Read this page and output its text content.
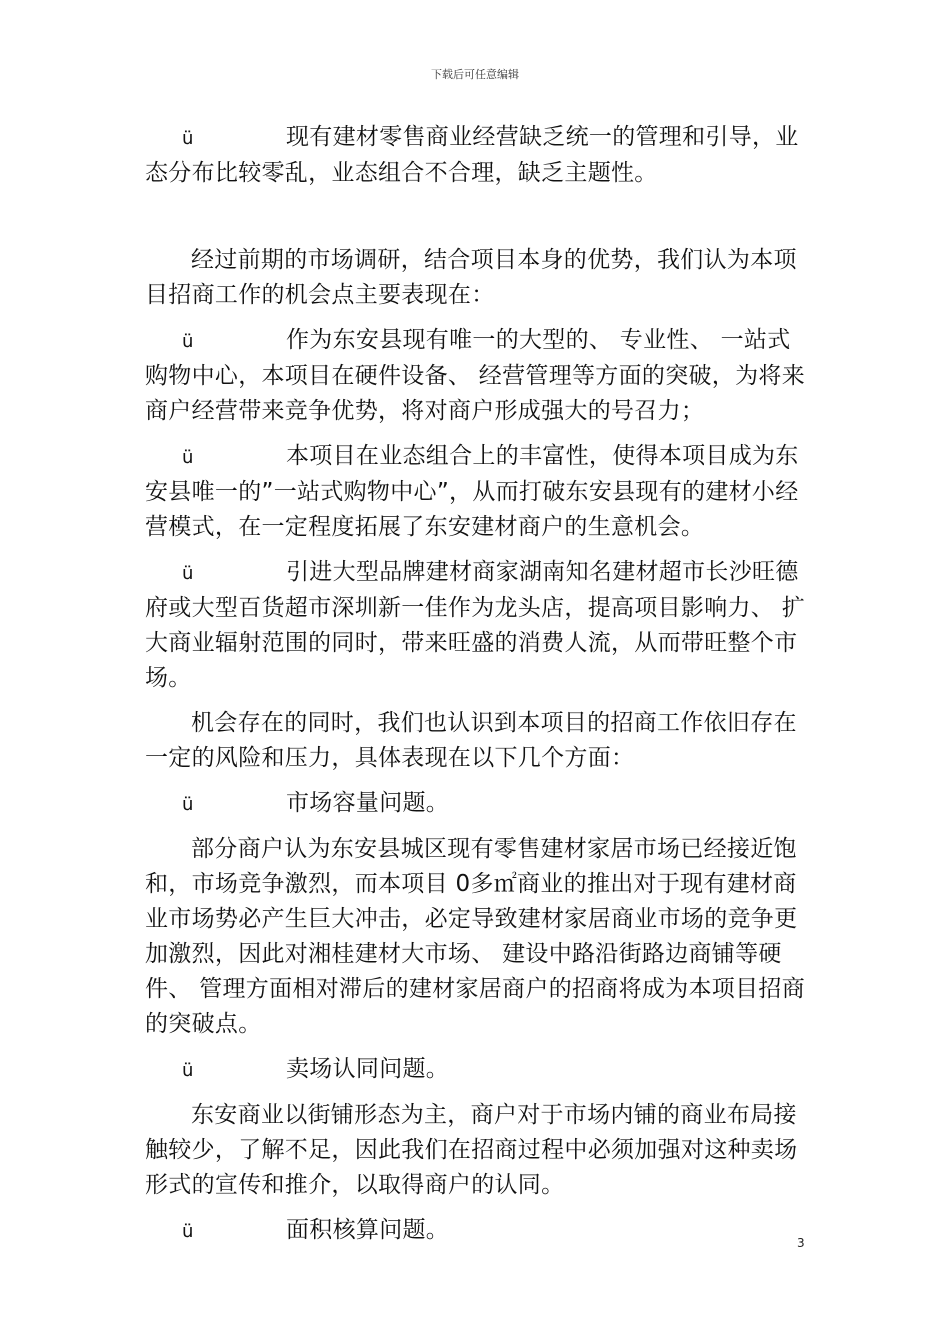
下载后可任意编辑

ü	现有建材零售商业经营缺乏统一的管理和引导，业态分布比较零乱，业态组合不合理，缺乏主题性。

经过前期的市场调研，结合项目本身的优势，我们认为本项目招商工作的机会点主要表现在：

ü	作为东安县现有唯一的大型的、 专业性、 一站式购物中心，本项目在硬件设备、 经营管理等方面的突破，为将来商户经营带来竞争优势，将对商户形成强大的号召力；

ü	本项目在业态组合上的丰富性，使得本项目成为东安县唯一的”一站式购物中心”，从而打破东安县现有的建材小经营模式，在一定程度拓展了东安建材商户的生意机会。

ü	引进大型品牌建材商家湖南知名建材超市长沙旺德府或大型百货超市深圳新一佳作为龙头店，提高项目影响力、 扩大商业辐射范围的同时，带来旺盛的消费人流，从而带旺整个市场。

机会存在的同时，我们也认识到本项目的招商工作依旧存在一定的风险和压力，具体表现在以下几个方面：

ü	市场容量问题。

部分商户认为东安县城区现有零售建材家居市场已经接近饱和，市场竞争激烈，而本项目 0多㎡商业的推出对于现有建材商业市场势必产生巨大冲击，必定导致建材家居商业市场的竞争更加激烈，因此对湘桂建材大市场、 建设中路沿街路边商铺等硬件、 管理方面相对滞后的建材家居商户的招商将成为本项目招商的突破点。

ü	卖场认同问题。

东安商业以街铺形态为主，商户对于市场内铺的商业布局接触较少，了解不足，因此我们在招商过程中必须加强对这种卖场形式的宣传和推介，以取得商户的认同。

ü	面积核算问题。	3
